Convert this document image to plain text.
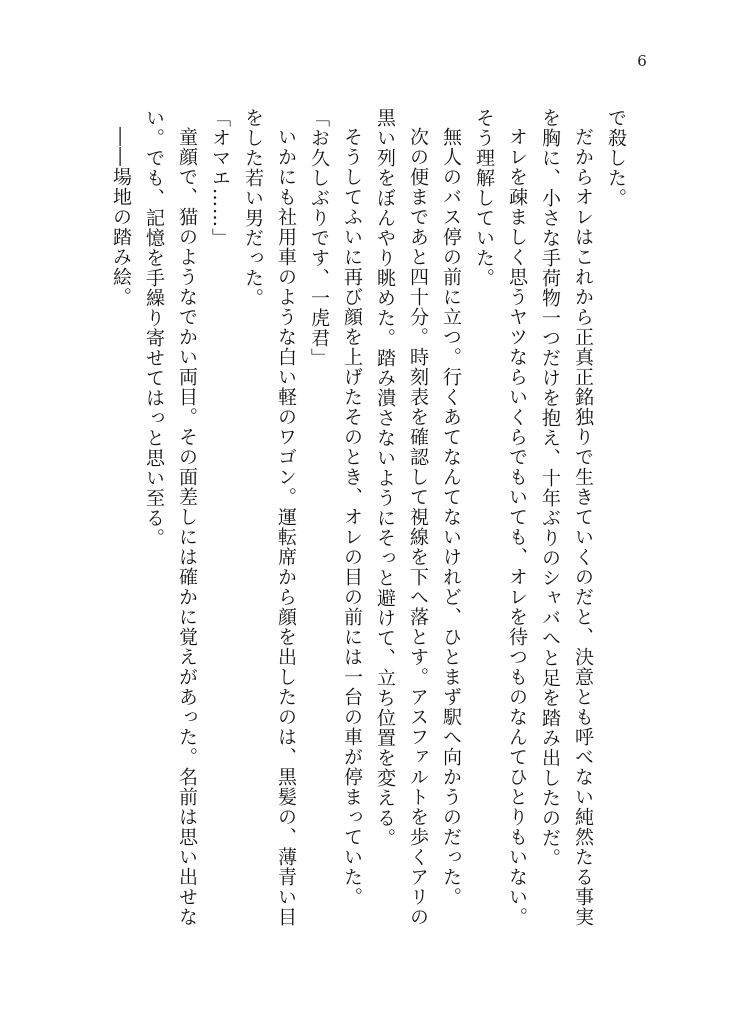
6

で殺した。

だからオレはこれから正真正銘独りで生きていくのだと、決意とも呼べない純然たる事実

を胸に、小さな手荷物一つだけを抱え、十年ぶりのシャバへと足を踏み出したのだ。

オレを疎ましく思うヤツならいくらでもいても、オレを待つものなんてひとりもいない。

そう理解していた。

無人のバス停の前に立つ。行くあてなんてないけれど、ひとまず駅へ向かうのだった。

次の便まであと四十分。時刻表を確認して視線を下へ落とす。アスファルトを歩くアリの

黒い列をぼんやり眺めた。踏み潰さないようにそっと避けて、立ち位置を変える。

そうしてふいに再び顔を上げたそのとき、オレの目の前には一台の車が停まっていた。

「お久しぶりです、一虎君」

いかにも社用車のような白い軽のワゴン。運転席から顔を出したのは、黒髪の、薄青い目

をした若い男だった。

「オマエ……」

童顔で、猫のようなでかい両目。その面差しには確かに覚えがあった。名前は思い出せな

い。でも、記憶を手繰り寄せてはっと思い至る。

――場地の踏み絵。
